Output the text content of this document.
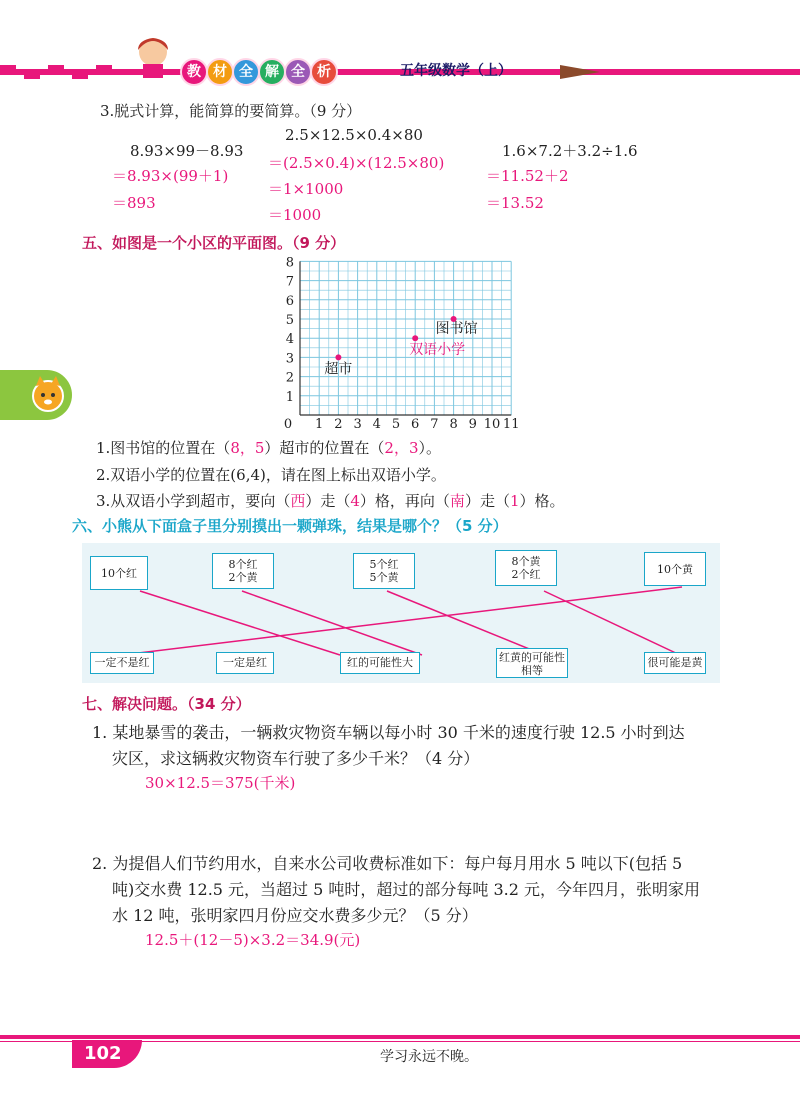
教 材 全 解 全 析	五年级数学（上）
3.脱式计算，能简算的要简算。（9 分）
8.93×99－8.93
＝8.93×(99＋1)
＝893
2.5×12.5×0.4×80
＝(2.5×0.4)×(12.5×80)
＝1×1000
＝1000
1.6×7.2＋3.2÷1.6
＝11.52＋2
＝13.52
五、如图是一个小区的平面图。（9 分）
0 1 2 3 4 5 6 7 8 9 10 11
1
2
3
4
5
6
7
8
图书馆
双语小学
超市
1.图书馆的位置在（8，5）超市的位置在（2，3）。
2.双语小学的位置在(6,4)，请在图上标出双语小学。
3.从双语小学到超市，要向（西）走（4）格，再向（南）走（1）格。
六、小熊从下面盒子里分别摸出一颗弹珠，结果是哪个？（5 分）
10个红
8个红
2个黄
5个红
5个黄
8个黄
2个红	10个黄
一定不是红	一定是红	红的可能性大	红黄的可能性
相等
很可能是黄
七、解决问题。（34 分）
1. 某地暴雪的袭击，一辆救灾物资车辆以每小时 30 千米的速度行驶 12.5 小时到达
灾区，求这辆救灾物资车行驶了多少千米？（4 分）
30×12.5＝375(千米)
2. 为提倡人们节约用水，自来水公司收费标准如下：每户每月用水 5 吨以下(包括 5
吨)交水费 12.5 元，当超过 5 吨时，超过的部分每吨 3.2 元，今年四月，张明家用
水 12 吨，张明家四月份应交水费多少元？（5 分）
12.5＋(12－5)×3.2＝34.9(元)
102	学习永远不晚。
